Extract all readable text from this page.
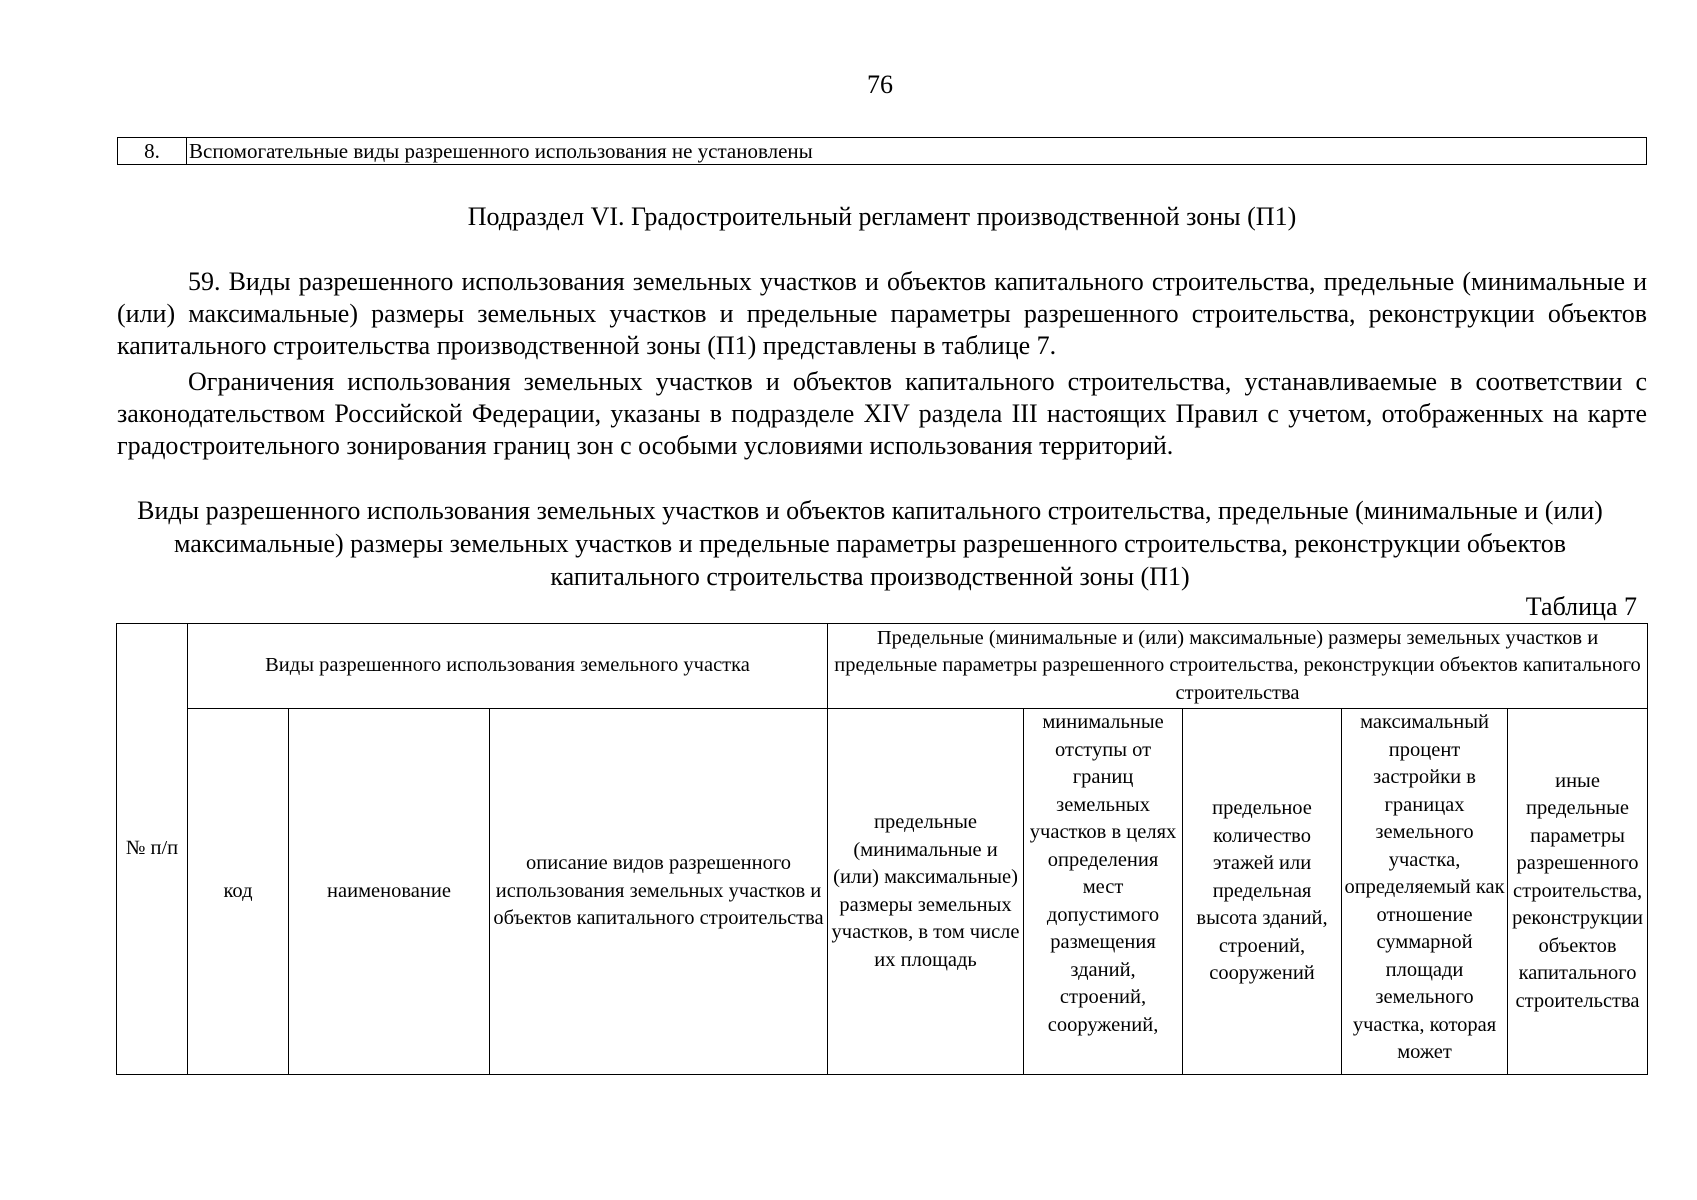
76
8.	Вспомогательные виды разрешенного использования не установлены
Подраздел VI. Градостроительный регламент производственной зоны (П1)
59. Виды разрешенного использования земельных участков и объектов капитального строительства, предельные (минимальные и (или) максимальные) размеры земельных участков и предельные параметры разрешенного строительства, реконструкции объектов капитального строительства производственной зоны (П1) представлены в таблице 7.
Ограничения использования земельных участков и объектов капитального строительства, устанавливаемые в соответствии с законодательством Российской Федерации, указаны в подразделе XIV раздела III настоящих Правил с учетом, отображенных на карте градостроительного зонирования границ зон с особыми условиями использования территорий.
Виды разрешенного использования земельных участков и объектов капитального строительства, предельные (минимальные и (или) максимальные) размеры земельных участков и предельные параметры разрешенного строительства, реконструкции объектов капитального строительства производственной зоны (П1)
Таблица 7
№ п/п	Виды разрешенного использования земельного участка			Предельные (минимальные и (или) максимальные) размеры земельных участков и предельные параметры разрешенного строительства, реконструкции объектов капитального строительства				
	код	наименование	описание видов разрешенного использования земельных участков и объектов капитального строительства	предельные (минимальные и (или) максимальные) размеры земельных участков, в том числе их площадь	минимальные отступы от границ земельных участков в целях определения мест допустимого размещения зданий, строений, сооружений,	предельное количество этажей или предельная высота зданий, строений, сооружений	максимальный процент застройки в границах земельного участка, определяемый как отношение суммарной площади земельного участка, которая может	иные предельные параметры разрешенного строительства, реконструкции объектов капитального строительства
